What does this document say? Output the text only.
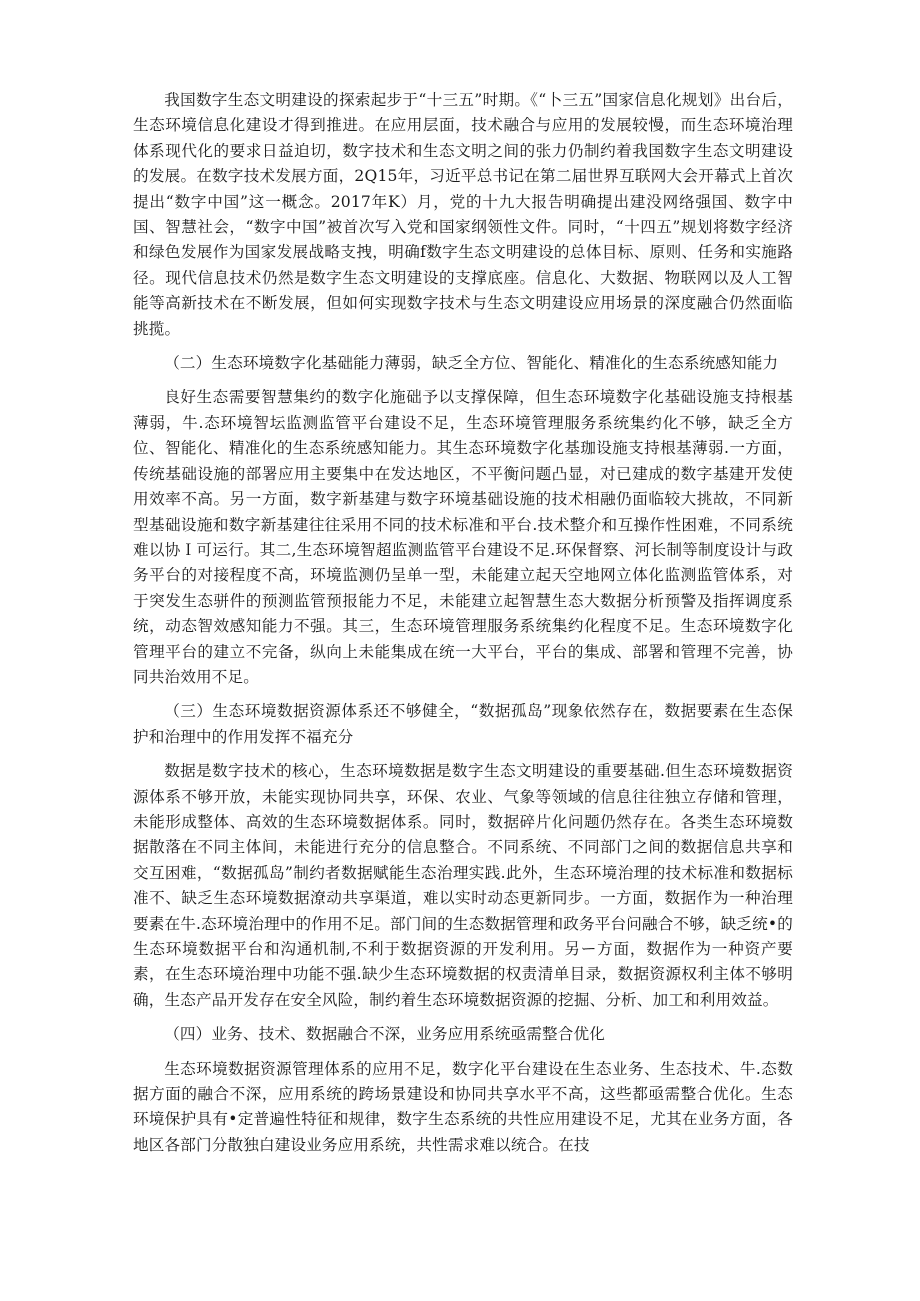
我国数字生态文明建设的探索起步于“十三五”时期。《“卜三五”国家信息化规划》出台后，生态环境信息化建设才得到推进。在应用层面，技术融合与应用的发展较慢，而生态环境治理体系现代化的要求日益迫切，数字技术和生态文明之间的张力仍制约着我国数字生态文明建设的发展。在数字技术发展方面，2Q15年，习近平总书记在第二届世界互联网大会开幕式上首次提出“数字中国”这一概念。2017年K）月，党的十九大报告明确提出建没网络强国、数字中国、智慧社会，“数字中国”被首次写入党和国家纲领性文件。同时，“十四五”规划将数字经济和绿色发展作为国家发展战略支拽，明确f数字生态文明建设的总体目标、原则、任务和实施路径。现代信息技术仍然是数字生态文明建设的支撑底座。信息化、大数据、物联网以及人工智能等高新技术在不断发展，但如何实现数字技术与生态文明建设应用场景的深度融合仍然面临挑揽。

（二）生态环境数字化基础能力薄弱，缺乏全方位、智能化、精准化的生态系统感知能力

良好生态需要智慧集约的数字化施础予以支撑保障，但生态环境数字化基础设施支持根基薄弱，牛.态环境智坛监测监管平台建设不足，生态环境管理服务系统集约化不够，缺乏全方位、智能化、精准化的生态系统感知能力。其生态环境数字化基珈设施支持根基薄弱.一方面，传统基础设施的部署应用主要集中在发达地区，不平衡问题凸显，对已建成的数字基建开发使用效率不高。另一方面，数字新基建与数字环境基础设施的技术相融仍面临较大挑故，不同新型基础设施和数字新基建往往采用不同的技术标准和平台.技术整介和互操作性困难，不同系统难以协Ｉ可运行。其二,生态环境智超监测监管平台建设不足.环保督察、河长制等制度设计与政务平台的对接程度不高，环境监测仍呈单一型，未能建立起天空地网立体化监测监管体系，对于突发生态骈件的预测监管预报能力不足，未能建立起智慧生态大数据分析预警及指挥调度系统，动态智效感知能力不强。其三，生态环境管理服务系统集约化程度不足。生态环境数字化管理平台的建立不完备，纵向上未能集成在统一大平台，平台的集成、部署和管理不完善，协同共治效用不足。

（三）生态环境数据资源体系还不够健全，“数据孤岛”现象依然存在，数据要素在生态保护和治理中的作用发挥不福充分

数据是数字技术的核心，生态环境数据是数字生态文明建设的重要基础.但生态环境数据资源体系不够开放，未能实现协同共享，环保、农业、气象等领域的信息往往独立存储和管理，未能形成整体、高效的生态环境数据体系。同时，数据碎片化问题仍然存在。各类生态环境数据散落在不同主体间，未能进行充分的信息整合。不同系统、不同部门之间的数据信息共享和交互困难，“数据孤岛”制约者数据赋能生态治理实践.此外，生态环境治理的技术标准和数据标准不、缺乏生态环境数据潦动共享渠道，难以实时动态更新同步。一方面，数据作为一种治理要素在牛.态环境治理中的作用不足。部门间的生态数据管理和政务平台问融合不够，缺乏统•的生态环境数据平台和沟通机制,不利于数据资源的开发利用。另ー方面，数据作为一种资产要素，在生态环境治理中功能不强.缺少生态环境数据的权责清单目录，数据资源权利主体不够明确，生态产品开发存在安全风险，制约着生态环境数据资源的挖掘、分析、加工和利用效益。

（四）业务、技术、数据融合不深，业务应用系统亟需整合优化

生态环境数据资源管理体系的应用不足，数字化平台建设在生态业务、生态技术、牛.态数据方面的融合不深，应用系统的跨场景建设和协同共享水平不高，这些都亟需整合优化。生态环境保护具有•定普遍性特征和规律，数字生态系统的共性应用建设不足，尤其在业务方面，各地区各部门分散独白建设业务应用系统，共性需求难以统合。在技
